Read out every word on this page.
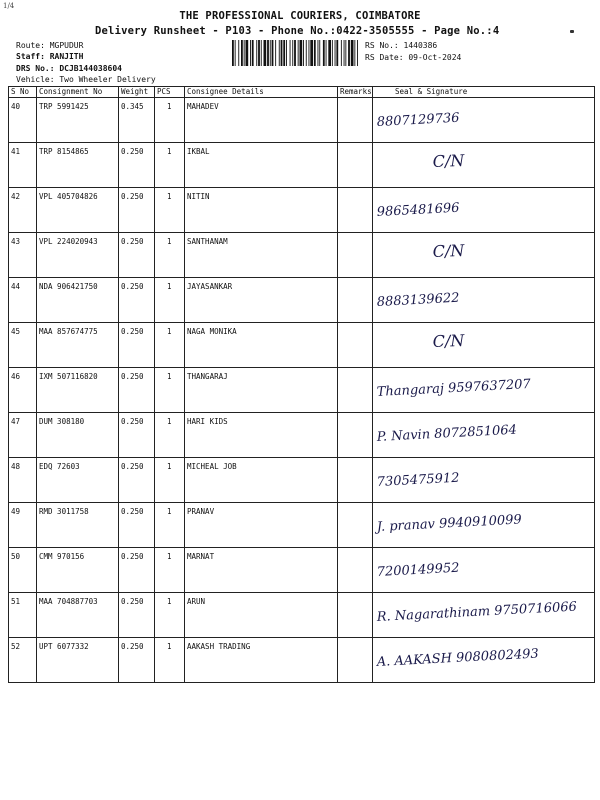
1/4
THE PROFESSIONAL COURIERS, COIMBATORE
Delivery Runsheet - P103 - Phone No.:0422-3505555 - Page No.:4
Route: MGPUDUR
Staff: RANJITH
DRS No.: DCJB144038604
Vehicle: Two Wheeler Delivery
RS No.: 1440386
RS Date: 09-Oct-2024
S No	Consignment No	Weight	PCS	Consignee Details	Remarks	Seal & Signature
40	TRP 5991425	0.345	1	MAHADEV		8807129736

41	TRP 8154865	0.250	1	IKBAL		C/N

42	VPL 405704826	0.250	1	NITIN		9865481696

43	VPL 224020943	0.250	1	SANTHANAM		C/N

44	NDA 906421750	0.250	1	JAYASANKAR		8883139622

45	MAA 857674775	0.250	1	NAGA MONIKA		C/N

46	IXM 507116820	0.250	1	THANGARAJ		Thangaraj 9597637207

47	DUM 308180	0.250	1	HARI KIDS		P. Navin 8072851064

48	EDQ 72603	0.250	1	MICHEAL JOB		7305475912

49	RMD 3011758	0.250	1	PRANAV		J. pranav 9940910099

50	CMM 970156	0.250	1	MARNAT		7200149952

51	MAA 704887703	0.250	1	ARUN		R. Nagarathinam 9750716066

52	UPT 6077332	0.250	1	AAKASH TRADING		A. AAKASH 9080802493
